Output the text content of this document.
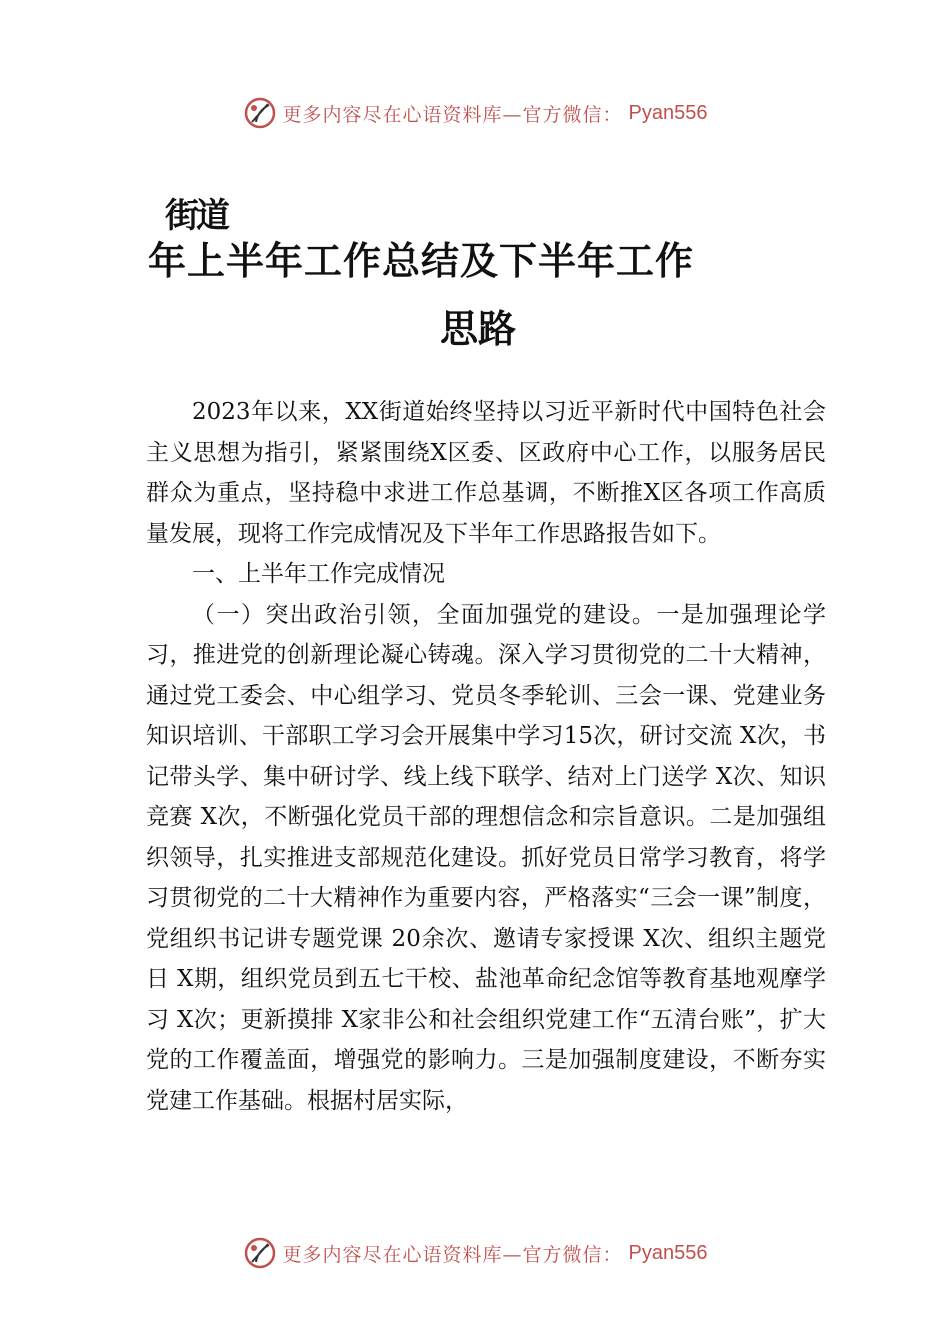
更多内容尽在心语资料库—官方微信： Pyan556
街道
年上半年工作总结及下半年工作
思路

2023年以来，XX街道始终坚持以习近平新时代中国特色社会主义思想为指引，紧紧围绕X区委、区政府中心工作，以服务居民群众为重点，坚持稳中求进工作总基调，不断推X区各项工作高质量发展，现将工作完成情况及下半年工作思路报告如下。

一、上半年工作完成情况

（一）突出政治引领，全面加强党的建设。一是加强理论学习，推进党的创新理论凝心铸魂。深入学习贯彻党的二十大精神，通过党工委会、中心组学习、党员冬季轮训、三会一课、党建业务知识培训、干部职工学习会开展集中学习15次，研讨交流 X次，书记带头学、集中研讨学、线上线下联学、结对上门送学 X次、知识竞赛 X次，不断强化党员干部的理想信念和宗旨意识。二是加强组织领导，扎实推进支部规范化建设。抓好党员日常学习教育，将学习贯彻党的二十大精神作为重要内容，严格落实“三会一课”制度，党组织书记讲专题党课 20余次、邀请专家授课 X次、组织主题党日 X期，组织党员到五七干校、盐池革命纪念馆等教育基地观摩学习 X次；更新摸排 X家非公和社会组织党建工作“五清台账”，扩大党的工作覆盖面，增强党的影响力。三是加强制度建设，不断夯实党建工作基础。根据村居实际，

更多内容尽在心语资料库—官方微信： Pyan556
